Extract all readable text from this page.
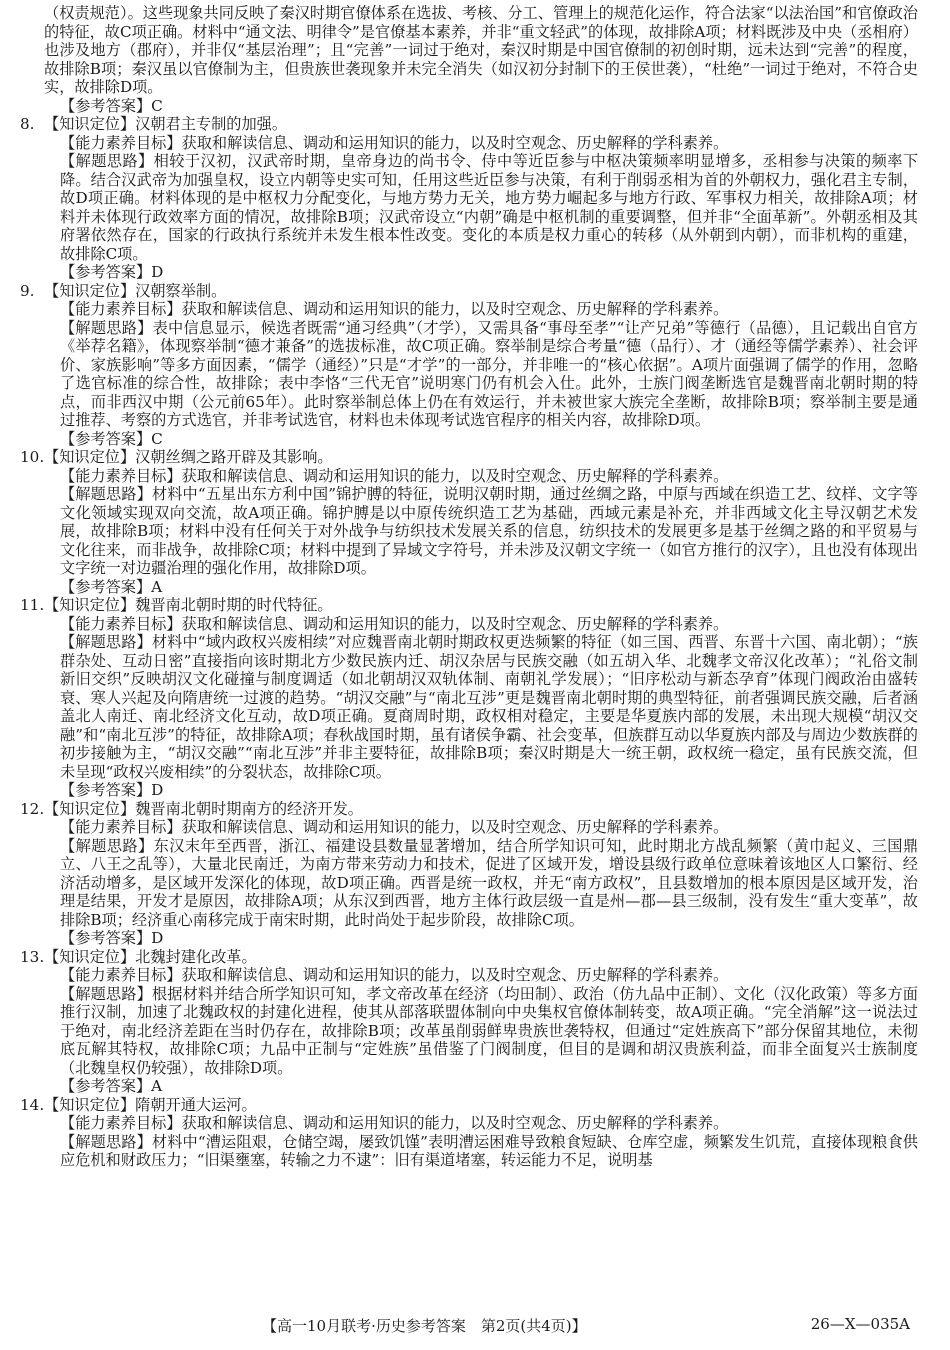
（权责规范）。这些现象共同反映了秦汉时期官僚体系在选拔、考核、分工、管理上的规范化运作，符合法家“以法治国”和官僚政治的特征，故C项正确。材料中“通文法、明律令”是官僚基本素养，并非“重文轻武”的体现，故排除A项；材料既涉及中央（丞相府）也涉及地方（郡府），并非仅“基层治理”；且“完善”一词过于绝对，秦汉时期是中国官僚制的初创时期，远未达到“完善”的程度，故排除B项；秦汉虽以官僚制为主，但贵族世袭现象并未完全消失（如汉初分封制下的王侯世袭），“杜绝”一词过于绝对，不符合史实，故排除D项。

【参考答案】C

8. 【知识定位】汉朝君主专制的加强。

【能力素养目标】获取和解读信息、调动和运用知识的能力，以及时空观念、历史解释的学科素养。

【解题思路】相较于汉初，汉武帝时期，皇帝身边的尚书令、侍中等近臣参与中枢决策频率明显增多，丞相参与决策的频率下降。结合汉武帝为加强皇权，设立内朝等史实可知，任用这些近臣参与决策，有利于削弱丞相为首的外朝权力，强化君主专制，故D项正确。材料体现的是中枢权力分配变化，与地方势力无关，地方势力崛起多与地方行政、军事权力相关，故排除A项；材料并未体现行政效率方面的情况，故排除B项；汉武帝设立“内朝”确是中枢机制的重要调整，但并非“全面革新”。外朝丞相及其府署依然存在，国家的行政执行系统并未发生根本性改变。变化的本质是权力重心的转移（从外朝到内朝），而非机构的重建，故排除C项。

【参考答案】D

9. 【知识定位】汉朝察举制。

【能力素养目标】获取和解读信息、调动和运用知识的能力，以及时空观念、历史解释的学科素养。

【解题思路】表中信息显示，候选者既需“通习经典”（才学），又需具备“事母至孝”“让产兄弟”等德行（品德），且记载出自官方《举荐名籍》，体现察举制“德才兼备”的选拔标准，故C项正确。察举制是综合考量“德（品行）、才（通经等儒学素养）、社会评价、家族影响”等多方面因素，“儒学（通经）”只是“才学”的一部分，并非唯一的“核心依据”。A项片面强调了儒学的作用，忽略了选官标准的综合性，故排除；表中李恪“三代无官”说明寒门仍有机会入仕。此外，士族门阀垄断选官是魏晋南北朝时期的特点，而非西汉中期（公元前65年）。此时察举制总体上仍在有效运行，并未被世家大族完全垄断，故排除B项；察举制主要是通过推荐、考察的方式选官，并非考试选官，材料也未体现考试选官程序的相关内容，故排除D项。

【参考答案】C

10.【知识定位】汉朝丝绸之路开辟及其影响。

【能力素养目标】获取和解读信息、调动和运用知识的能力，以及时空观念、历史解释的学科素养。

【解题思路】材料中“五星出东方利中国”锦护膊的特征，说明汉朝时期，通过丝绸之路，中原与西域在织造工艺、纹样、文字等文化领域实现双向交流，故A项正确。锦护膊是以中原传统织造工艺为基础，西域元素是补充，并非西域文化主导汉朝艺术发展，故排除B项；材料中没有任何关于对外战争与纺织技术发展关系的信息，纺织技术的发展更多是基于丝绸之路的和平贸易与文化往来，而非战争，故排除C项；材料中提到了异域文字符号，并未涉及汉朝文字统一（如官方推行的汉字），且也没有体现出文字统一对边疆治理的强化作用，故排除D项。

【参考答案】A

11.【知识定位】魏晋南北朝时期的时代特征。

【能力素养目标】获取和解读信息、调动和运用知识的能力，以及时空观念、历史解释的学科素养。

【解题思路】材料中“域内政权兴废相续”对应魏晋南北朝时期政权更迭频繁的特征（如三国、西晋、东晋十六国、南北朝）；“族群杂处、互动日密”直接指向该时期北方少数民族内迁、胡汉杂居与民族交融（如五胡入华、北魏孝文帝汉化改革）；“礼俗文制新旧交织”反映胡汉文化碰撞与制度调适（如北朝胡汉双轨体制、南朝礼学发展）；“旧序松动与新态孕育”体现门阀政治由盛转衰、寒人兴起及向隋唐统一过渡的趋势。“胡汉交融”与“南北互涉”更是魏晋南北朝时期的典型特征，前者强调民族交融，后者涵盖北人南迁、南北经济文化互动，故D项正确。夏商周时期，政权相对稳定，主要是华夏族内部的发展，未出现大规模“胡汉交融”和“南北互涉”的特征，故排除A项；春秋战国时期，虽有诸侯争霸、社会变革，但族群互动以华夏族内部及与周边少数族群的初步接触为主，“胡汉交融”“南北互涉”并非主要特征，故排除B项；秦汉时期是大一统王朝，政权统一稳定，虽有民族交流，但未呈现“政权兴废相续”的分裂状态，故排除C项。

【参考答案】D

12.【知识定位】魏晋南北朝时期南方的经济开发。

【能力素养目标】获取和解读信息、调动和运用知识的能力，以及时空观念、历史解释的学科素养。

【解题思路】东汉末年至西晋，浙江、福建设县数量显著增加，结合所学知识可知，此时期北方战乱频繁（黄巾起义、三国鼎立、八王之乱等），大量北民南迁，为南方带来劳动力和技术，促进了区域开发，增设县级行政单位意味着该地区人口繁衍、经济活动增多，是区域开发深化的体现，故D项正确。西晋是统一政权，并无“南方政权”，且县数增加的根本原因是区域开发，治理是结果，开发才是原因，故排除A项；从东汉到西晋，地方主体行政层级一直是州—郡—县三级制，没有发生“重大变革”，故排除B项；经济重心南移完成于南宋时期，此时尚处于起步阶段，故排除C项。

【参考答案】D

13.【知识定位】北魏封建化改革。

【能力素养目标】获取和解读信息、调动和运用知识的能力，以及时空观念、历史解释的学科素养。

【解题思路】根据材料并结合所学知识可知，孝文帝改革在经济（均田制）、政治（仿九品中正制）、文化（汉化政策）等多方面推行汉制，加速了北魏政权的封建化进程，使其从部落联盟体制向中央集权官僚体制转变，故A项正确。“完全消解”这一说法过于绝对，南北经济差距在当时仍存在，故排除B项；改革虽削弱鲜卑贵族世袭特权，但通过“定姓族高下”部分保留其地位，未彻底瓦解其特权，故排除C项；九品中正制与“定姓族”虽借鉴了门阀制度，但目的是调和胡汉贵族利益，而非全面复兴士族制度（北魏皇权仍较强），故排除D项。

【参考答案】A

14.【知识定位】隋朝开通大运河。

【能力素养目标】获取和解读信息、调动和运用知识的能力，以及时空观念、历史解释的学科素养。

【解题思路】材料中“漕运阻艰，仓储空竭，屡致饥馑”表明漕运困难导致粮食短缺、仓库空虚，频繁发生饥荒，直接体现粮食供应危机和财政压力；“旧渠壅塞，转输之力不逮”：旧有渠道堵塞，转运能力不足，说明基

【高一10月联考·历史参考答案　第2页(共4页)】	26—X—035A
